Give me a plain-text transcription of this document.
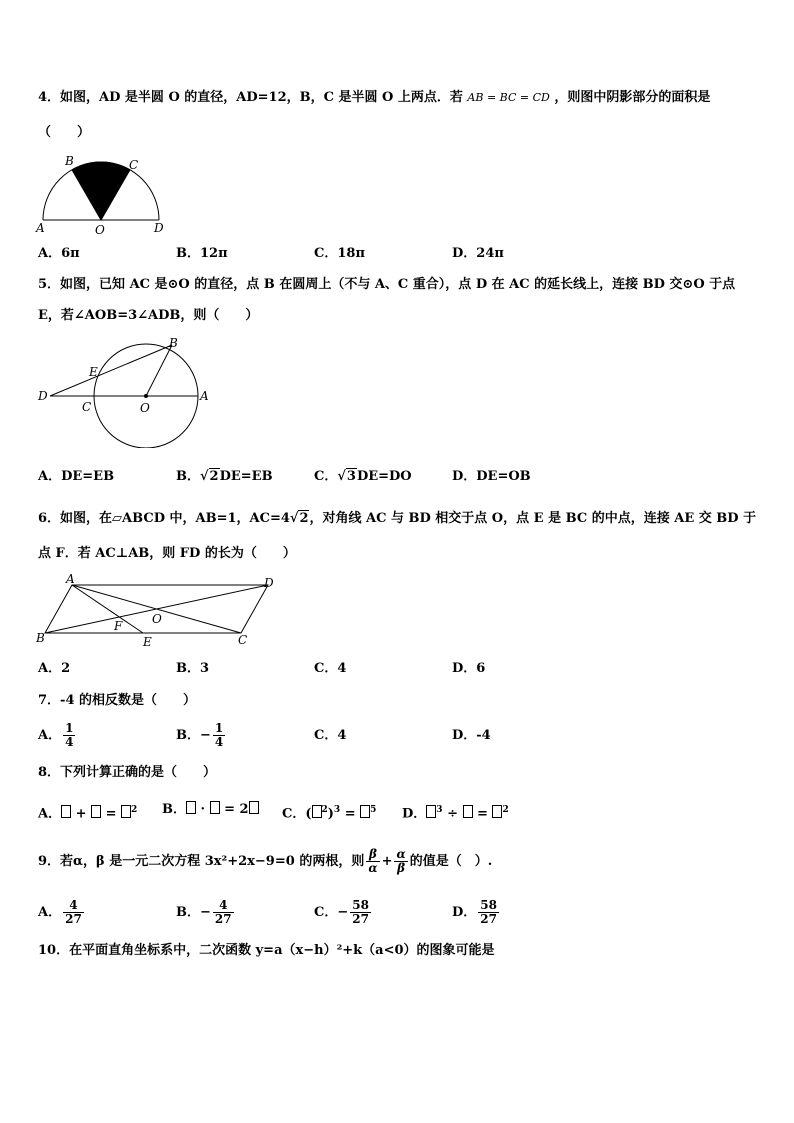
4．如图，AD 是半圆 O 的直径，AD=12，B，C 是半圆 O 上两点．若 AB = BC = CD ，则图中阴影部分的面积是
（　　）
A
B	C
D
O
A．6π	B．12π	C．18π	D．24π
5．如图，已知 AC 是⊙O 的直径，点 B 在圆周上（不与 A、C 重合），点 D 在 AC 的延长线上，连接 BD 交⊙O 于点
E，若∠AOB=3∠ADB，则（　　）
D
C
E
O
B
A
A．DE=EB	B．√2DE=EB	C．√3DE=DO	D．DE=OB
6．如图，在▱ABCD 中，AB=1，AC=4√2，对角线 AC 与 BD 相交于点 O，点 E 是 BC 的中点，连接 AE 交 BD 于
点 F．若 AC⊥AB，则 FD 的长为（　　）
A	D
B	C
E
F O
A．2	B．3	C．4	D．6
7．-4 的相反数是（　　）
A． $\frac{1}{4}$	B．− $\frac{1}{4}$	C．4	D．-4
8．下列计算正确的是（　　）
A． +  = $^2$ B． ·  = 2	C．( $^2$)$^3$ = $^5$ D． $^3$ ÷  = $^2$
9．若α，β 是一元二次方程 3x²+2x−9=0 的两根，则 $\frac{\beta}{\alpha} + \frac{\alpha}{\beta}$ 的值是（　）.
A． $\frac{4}{27}$	B．− $\frac{4}{27}$	C．− $\frac{58}{27}$	D． $\frac{58}{27}$
10．在平面直角坐标系中，二次函数 y=a（x−h）²+k（a<0）的图象可能是
